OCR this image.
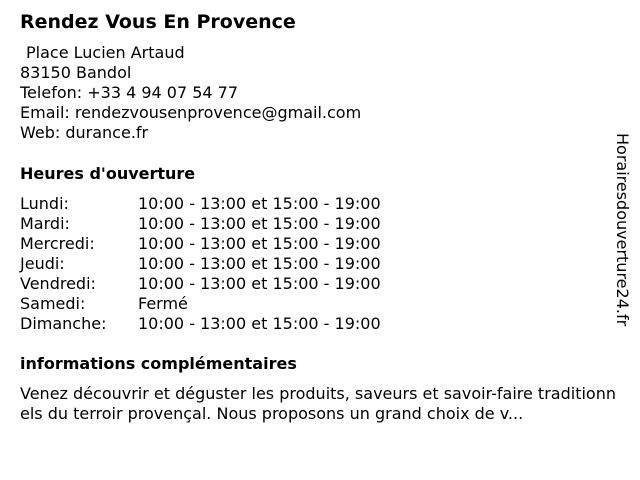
Rendez Vous En Provence
Place Lucien Artaud
83150 Bandol
Telefon: +33 4 94 07 54 77
Email: rendezvousenprovence@gmail.com
Web: durance.fr
Heures d'ouverture
Lundi:	10:00 - 13:00 et 15:00 - 19:00
Mardi:	10:00 - 13:00 et 15:00 - 19:00
Mercredi:	10:00 - 13:00 et 15:00 - 19:00
Jeudi:	10:00 - 13:00 et 15:00 - 19:00
Vendredi:	10:00 - 13:00 et 15:00 - 19:00
Samedi:	Fermé
Dimanche:	10:00 - 13:00 et 15:00 - 19:00
informations complémentaires
Venez découvrir et déguster les produits, saveurs et savoir-faire traditionnels du terroir provençal. Nous proposons un grand choix de v...
Horairesdouverture24.fr
